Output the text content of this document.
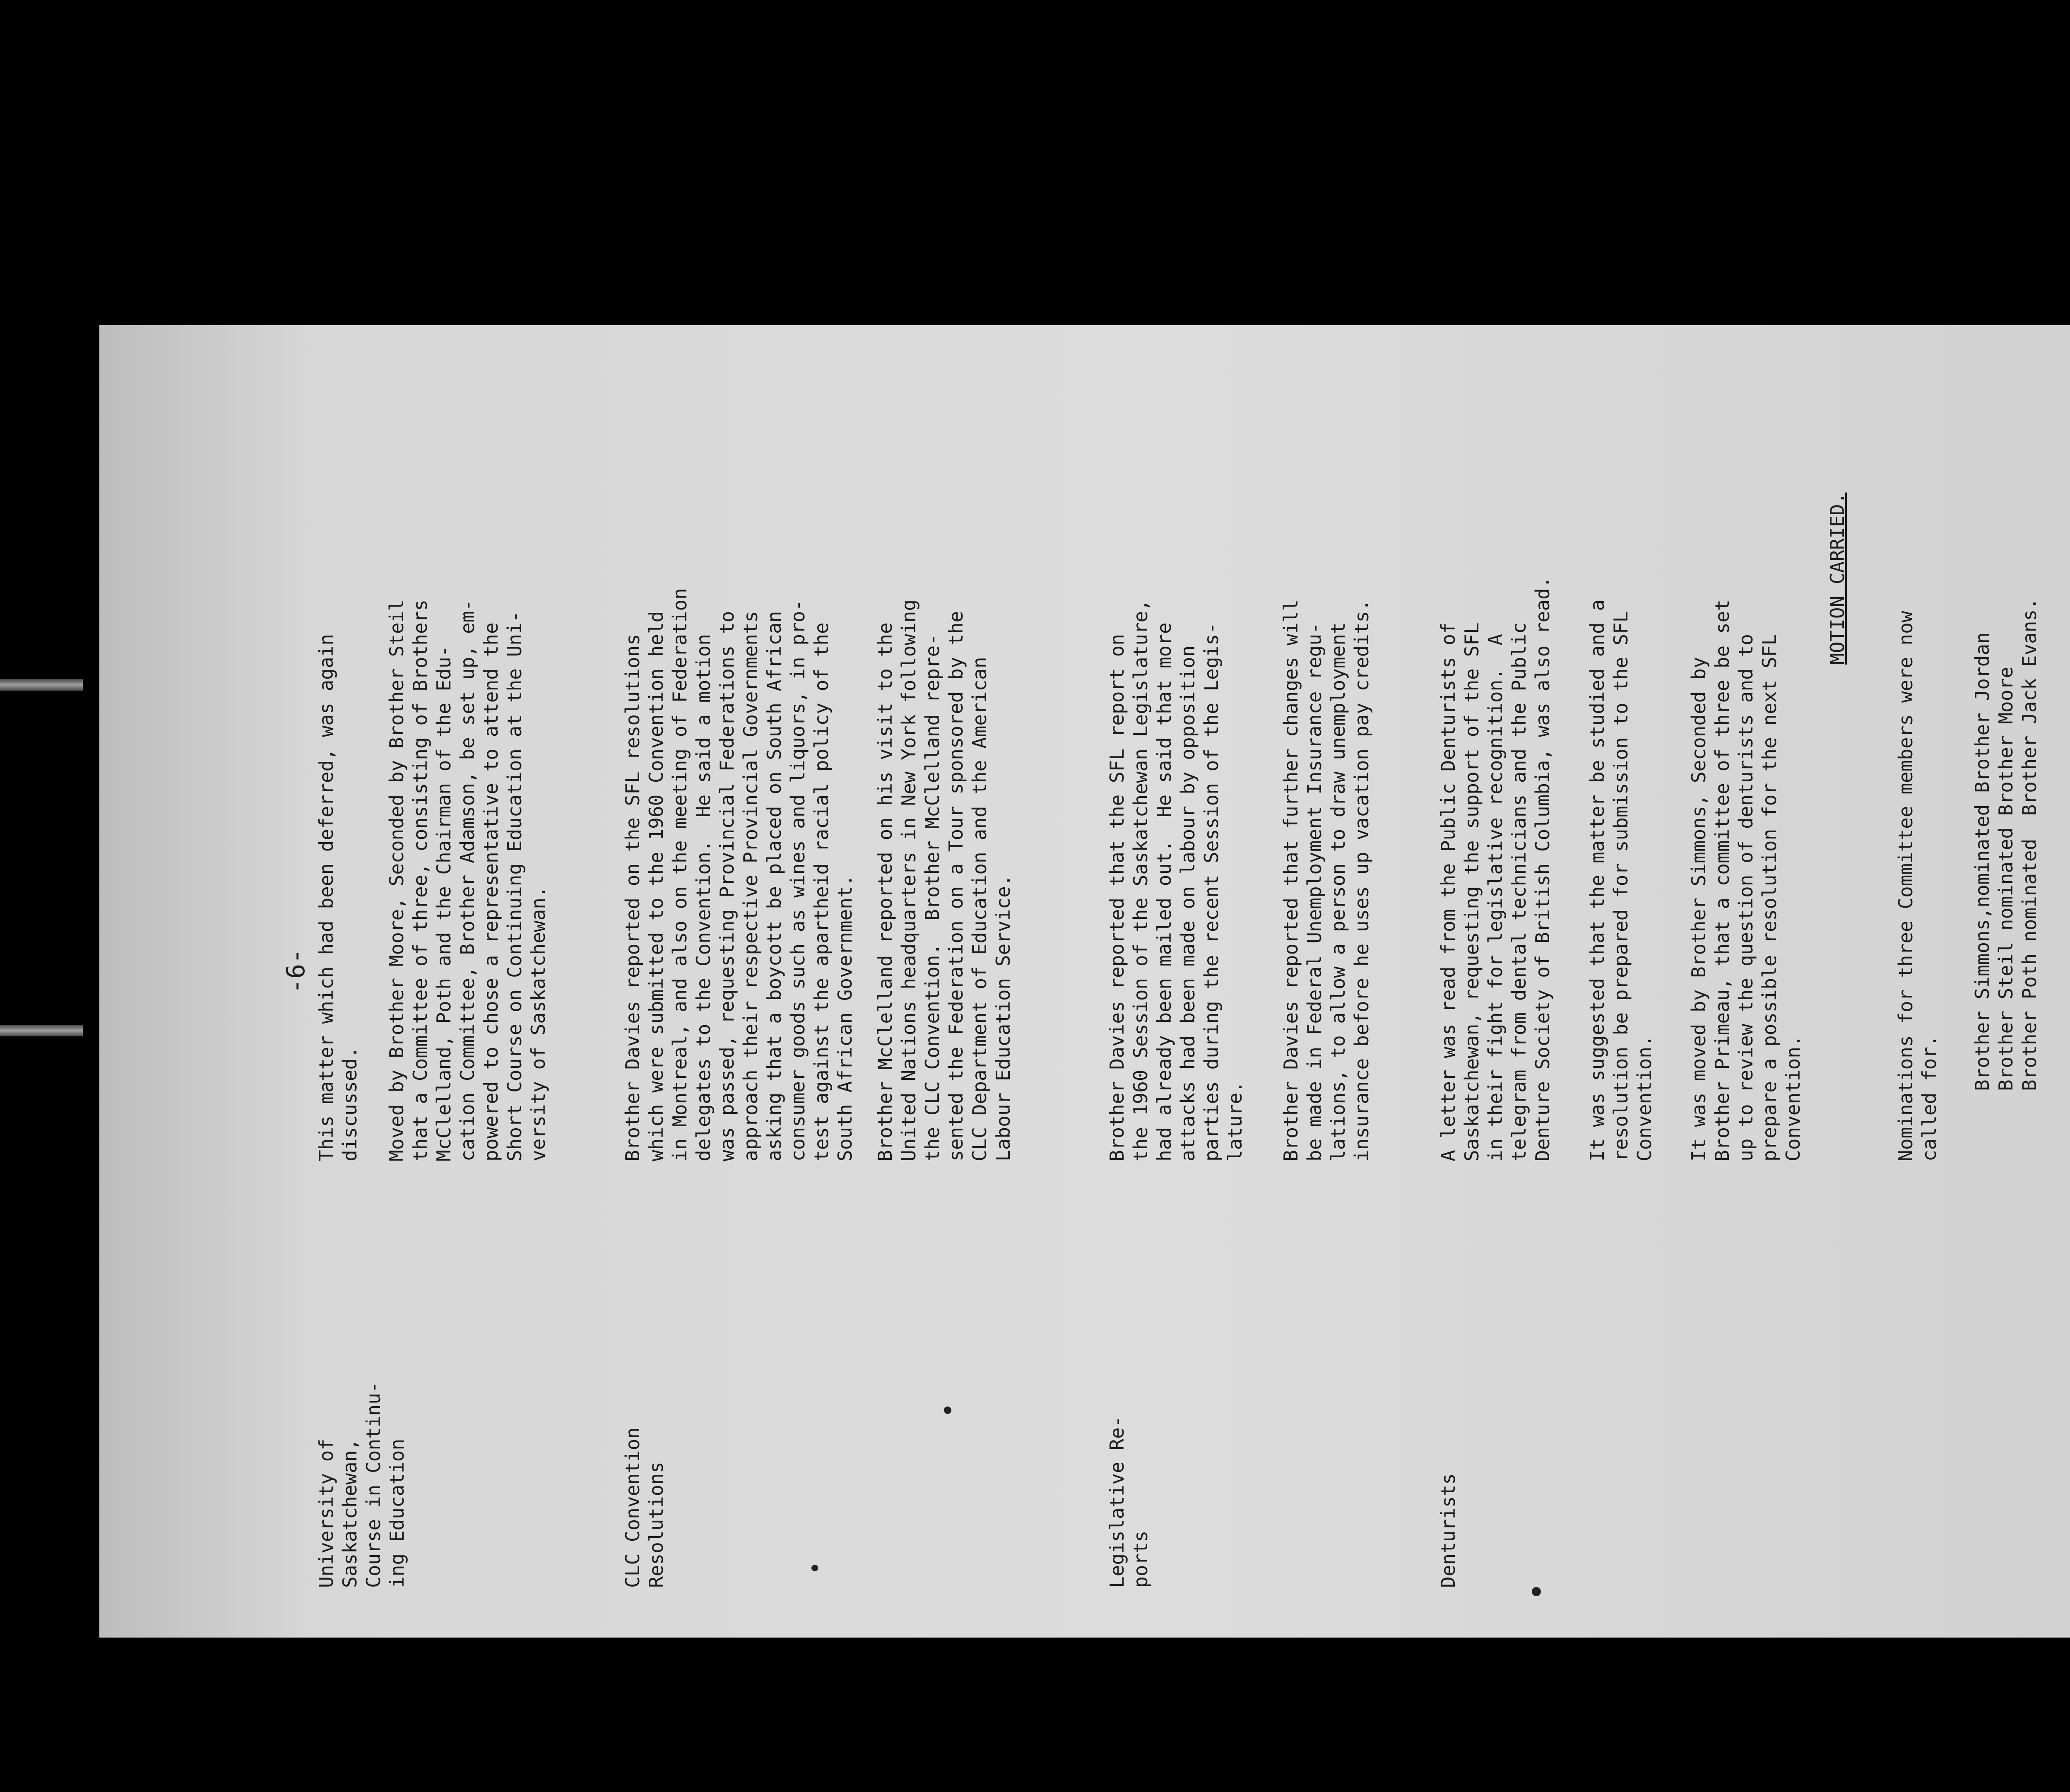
-6-
University of
Saskatchewan,
Course in Continu-
ing Education
This matter which had been deferred, was again
discussed. Moved by Brother Moore, Seconded by Brother Steil
that a Committee of three, consisting of Brothers
McClelland, Poth and the Chairman of the Edu-
cation Committee, Brother Adamson, be set up, em-
powered to chose a representative to attend the
Short Course on Continuing Education at the Uni-
versity of Saskatchewan.
CLC Convention
Resolutions
Brother Davies reported on the SFL resolutions
which were submitted to the 1960 Convention held
in Montreal, and also on the meeting of Federation
delegates to the Convention.  He said a motion
was passed, requesting Provincial Federations to
approach their respective Provincial Governments
asking that a boycott be placed on South African
consumer goods such as wines and liquors, in pro-
test against the apartheid racial policy of the
South African Government.
Brother McClelland reported on his visit to the
United Nations headquarters in New York following
the CLC Convention.  Brother McClelland repre-
sented the Federation on a Tour sponsored by the
CLC Department of Education and the American
Labour Education Service.
Legislative Re-
ports
Brother Davies reported that the SFL report on
the 1960 Session of the Saskatchewan Legislature,
had already been mailed out.  He said that more
attacks had been made on labour by opposition
parties during the recent Session of the Legis-
lature. Brother Davies reported that further changes will
be made in Federal Unemployment Insurance regu-
lations, to allow a person to draw unemployment
insurance before he uses up vacation pay credits.
Denturists
A letter was read from the Public Denturists of
Saskatchewan, requesting the support of the SFL
in their fight for legislative recognition.  A
telegram from dental technicians and the Public
Denture Society of British Columbia, was also read.
It was suggested that the matter be studied and a
resolution be prepared for submission to the SFL
Convention. It was moved by Brother Simmons, Seconded by
Brother Primeau, that a committee of three be set
up to review the question of denturists and to
prepare a possible resolution for the next SFL
Convention.
MOTION CARRIED.
Nominations for three Committee members were now
called for. Brother Simmons,nominated Brother Jordan
Brother Steil nominated Brother Moore
Brother Poth nominated  Brother Jack Evans.
